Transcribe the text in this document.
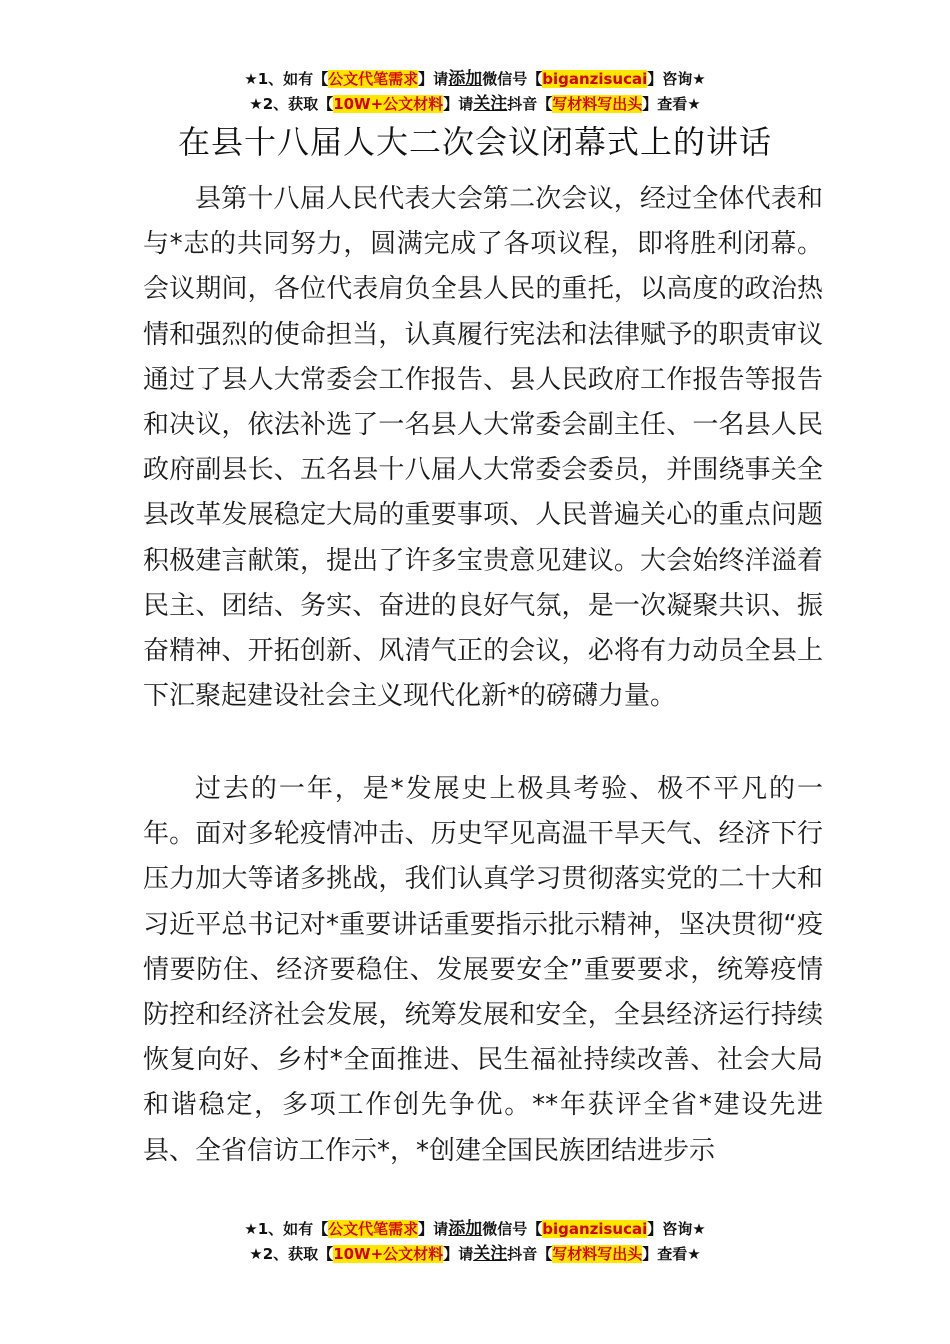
★1、如有【公文代笔需求】请添加微信号【biganzisucai】咨询★
★2、获取【10W+公文材料】请关注抖音【写材料写出头】查看★
在县十八届人大二次会议闭幕式上的讲话

县第十八届人民代表大会第二次会议，经过全体代表和与*志的共同努力，圆满完成了各项议程，即将胜利闭幕。会议期间，各位代表肩负全县人民的重托，以高度的政治热情和强烈的使命担当，认真履行宪法和法律赋予的职责审议通过了县人大常委会工作报告、县人民政府工作报告等报告和决议，依法补选了一名县人大常委会副主任、一名县人民政府副县长、五名县十八届人大常委会委员，并围绕事关全县改革发展稳定大局的重要事项、人民普遍关心的重点问题积极建言献策，提出了许多宝贵意见建议。大会始终洋溢着民主、团结、务实、奋进的良好气氛，是一次凝聚共识、振奋精神、开拓创新、风清气正的会议，必将有力动员全县上下汇聚起建设社会主义现代化新*的磅礴力量。

过去的一年，是*发展史上极具考验、极不平凡的一年。面对多轮疫情冲击、历史罕见高温干旱天气、经济下行压力加大等诸多挑战，我们认真学习贯彻落实党的二十大和习近平总书记对*重要讲话重要指示批示精神，坚决贯彻“疫情要防住、经济要稳住、发展要安全”重要要求，统筹疫情防控和经济社会发展，统筹发展和安全，全县经济运行持续恢复向好、乡村*全面推进、民生福祉持续改善、社会大局和谐稳定，多项工作创先争优。**年获评全省*建设先进县、全省信访工作示*，*创建全国民族团结进步示

★1、如有【公文代笔需求】请添加微信号【biganzisucai】咨询★
★2、获取【10W+公文材料】请关注抖音【写材料写出头】查看★
